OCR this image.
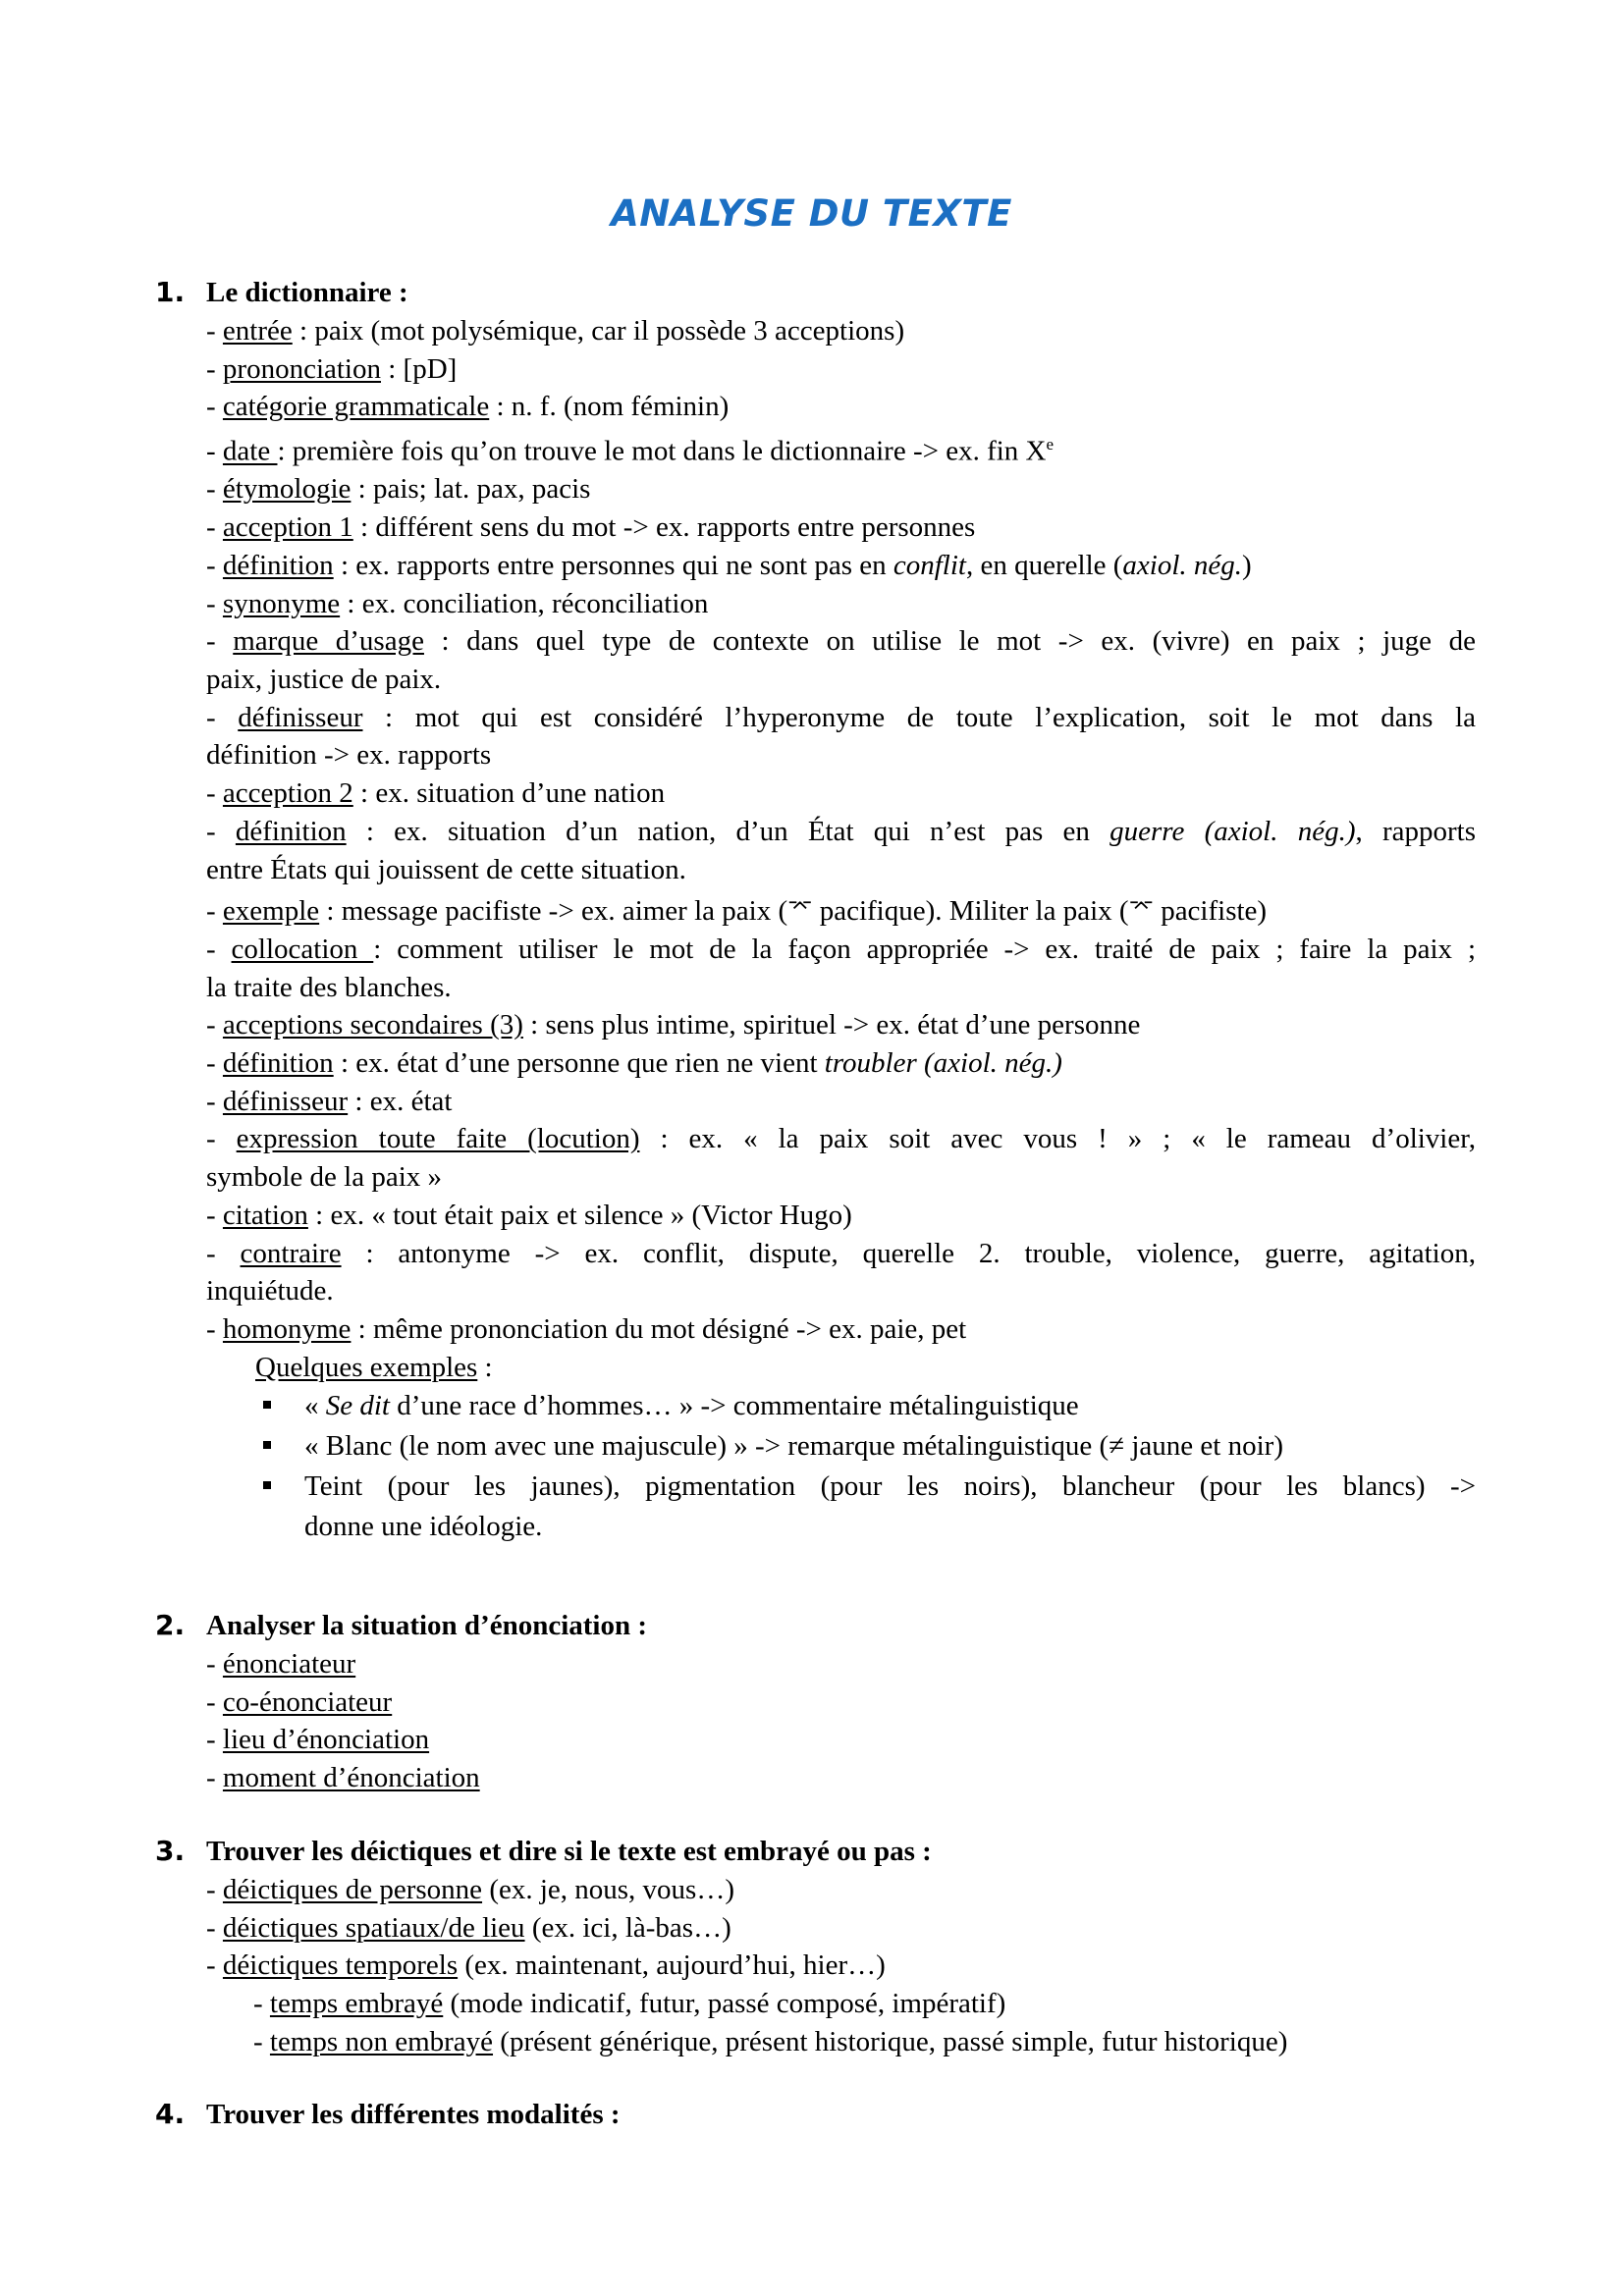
ANALYSE DU TEXTE
1. Le dictionnaire :
- entrée : paix (mot polysémique, car il possède 3 acceptions)
- prononciation : [pD]
- catégorie grammaticale : n. f. (nom féminin)
- date : première fois qu’on trouve le mot dans le dictionnaire -> ex. fin Xe
- étymologie : pais; lat. pax, pacis
- acception 1 : différent sens du mot -> ex. rapports entre personnes
- définition : ex. rapports entre personnes qui ne sont pas en conflit, en querelle (axiol. nég.)
- synonyme : ex. conciliation, réconciliation
- marque d’usage : dans quel type de contexte on utilise le mot -> ex. (vivre) en paix ; juge de
paix, justice de paix.
- définisseur : mot qui est considéré l’hyperonyme de toute l’explication, soit le mot dans la
définition -> ex. rapports
- acception 2 : ex. situation d’une nation
- définition : ex. situation d’un nation, d’un État qui n’est pas en guerre (axiol. nég.), rapports
entre États qui jouissent de cette situation.
- exemple : message pacifiste -> ex. aimer la paix (⌤ pacifique). Militer la paix (⌤ pacifiste)
- collocation : comment utiliser le mot de la façon appropriée -> ex. traité de paix ; faire la paix ;
la traite des blanches.
- acceptions secondaires (3) : sens plus intime, spirituel -> ex. état d’une personne
- définition : ex. état d’une personne que rien ne vient troubler (axiol. nég.)
- définisseur : ex. état
- expression toute faite (locution) : ex. « la paix soit avec vous ! » ; « le rameau d’olivier,
symbole de la paix »
- citation : ex. « tout était paix et silence » (Victor Hugo)
- contraire : antonyme -> ex. conflit, dispute, querelle 2. trouble, violence, guerre, agitation,
inquiétude.
- homonyme : même prononciation du mot désigné -> ex. paie, pet
Quelques exemples :
« Se dit d’une race d’hommes… » -> commentaire métalinguistique
« Blanc (le nom avec une majuscule) » -> remarque métalinguistique (≠ jaune et noir)
Teint (pour les jaunes), pigmentation (pour les noirs), blancheur (pour les blancs) ->
donne une idéologie.
2. Analyser la situation d’énonciation :
- énonciateur
- co-énonciateur
- lieu d’énonciation
- moment d’énonciation
3. Trouver les déictiques et dire si le texte est embrayé ou pas :
- déictiques de personne (ex. je, nous, vous…)
- déictiques spatiaux/de lieu (ex. ici, là-bas…)
- déictiques temporels (ex. maintenant, aujourd’hui, hier…)
- temps embrayé (mode indicatif, futur, passé composé, impératif)
- temps non embrayé (présent générique, présent historique, passé simple, futur historique)
4. Trouver les différentes modalités :
